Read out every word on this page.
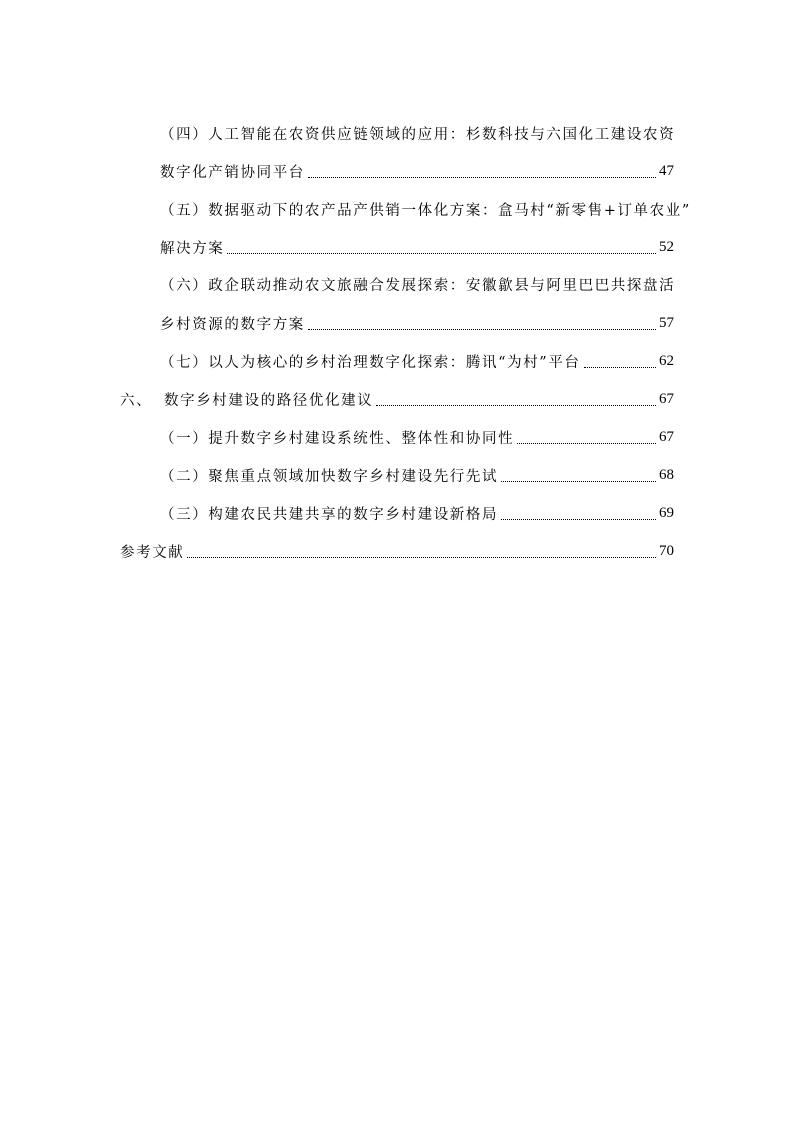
（四）人工智能在农资供应链领域的应用：杉数科技与六国化工建设农资
数字化产销协同平台	47
（五）数据驱动下的农产品产供销一体化方案：盒马村“新零售+订单农业”
解决方案	52
（六）政企联动推动农文旅融合发展探索：安徽歙县与阿里巴巴共探盘活
乡村资源的数字方案	57
（七）以人为核心的乡村治理数字化探索：腾讯“为村”平台	62
六、 数字乡村建设的路径优化建议	67
（一）提升数字乡村建设系统性、整体性和协同性	67
（二）聚焦重点领域加快数字乡村建设先行先试	68
（三）构建农民共建共享的数字乡村建设新格局	69
参考文献	70
